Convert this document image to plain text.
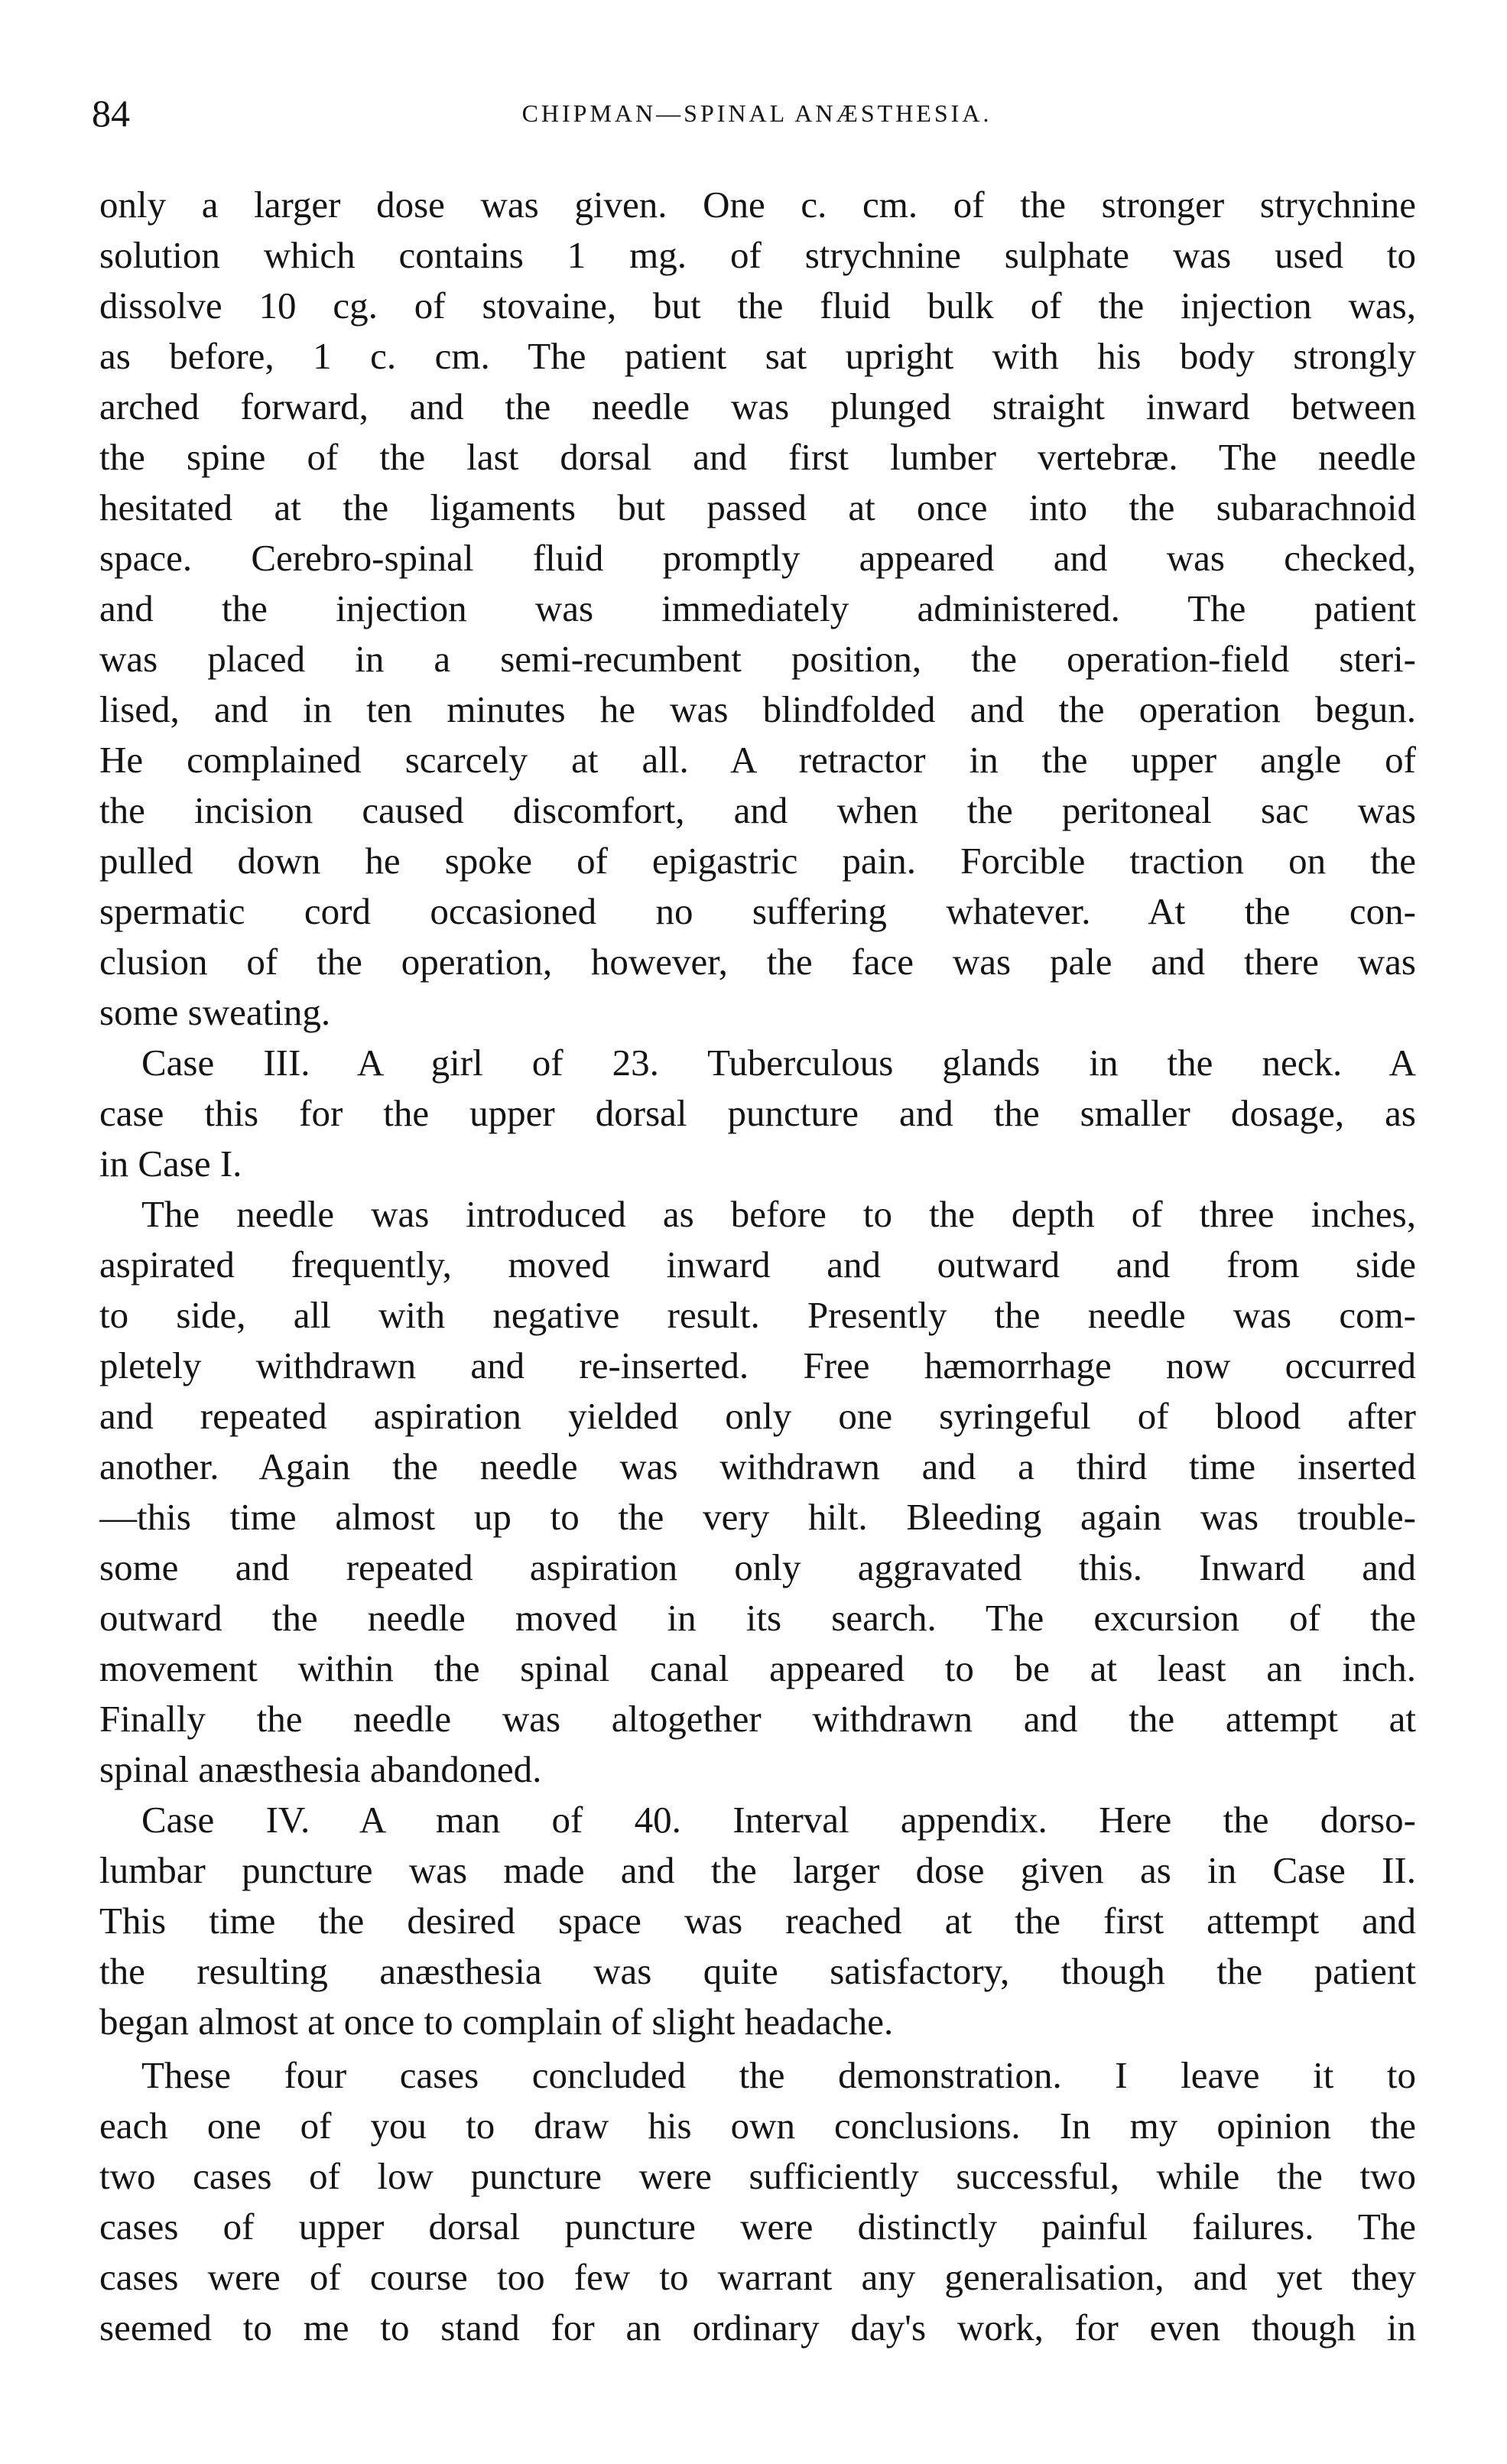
84	CHIPMAN—SPINAL ANÆSTHESIA.
only a larger dose was given. One c. cm. of the stronger strychnine
solution which contains 1 mg. of strychnine sulphate was used to
dissolve 10 cg. of stovaine, but the fluid bulk of the injection was,
as before, 1 c. cm. The patient sat upright with his body strongly
arched forward, and the needle was plunged straight inward between
the spine of the last dorsal and first lumber vertebræ. The needle
hesitated at the ligaments but passed at once into the subarachnoid
space. Cerebro-spinal fluid promptly appeared and was checked,
and the injection was immediately administered. The patient
was placed in a semi-recumbent position, the operation-field steri-
lised, and in ten minutes he was blindfolded and the operation begun.
He complained scarcely at all. A retractor in the upper angle of
the incision caused discomfort, and when the peritoneal sac was
pulled down he spoke of epigastric pain. Forcible traction on the
spermatic cord occasioned no suffering whatever. At the con-
clusion of the operation, however, the face was pale and there was
some sweating.
Case III. A girl of 23. Tuberculous glands in the neck. A
case this for the upper dorsal puncture and the smaller dosage, as
in Case I.
The needle was introduced as before to the depth of three inches,
aspirated frequently, moved inward and outward and from side
to side, all with negative result. Presently the needle was com-
pletely withdrawn and re-inserted. Free hæmorrhage now occurred
and repeated aspiration yielded only one syringeful of blood after
another. Again the needle was withdrawn and a third time inserted
—this time almost up to the very hilt. Bleeding again was trouble-
some and repeated aspiration only aggravated this. Inward and
outward the needle moved in its search. The excursion of the
movement within the spinal canal appeared to be at least an inch.
Finally the needle was altogether withdrawn and the attempt at
spinal anæsthesia abandoned.
Case IV. A man of 40. Interval appendix. Here the dorso-
lumbar puncture was made and the larger dose given as in Case II.
This time the desired space was reached at the first attempt and
the resulting anæsthesia was quite satisfactory, though the patient
began almost at once to complain of slight headache.
These four cases concluded the demonstration. I leave it to
each one of you to draw his own conclusions. In my opinion the
two cases of low puncture were sufficiently successful, while the two
cases of upper dorsal puncture were distinctly painful failures. The
cases were of course too few to warrant any generalisation, and yet they
seemed to me to stand for an ordinary day's work, for even though in
